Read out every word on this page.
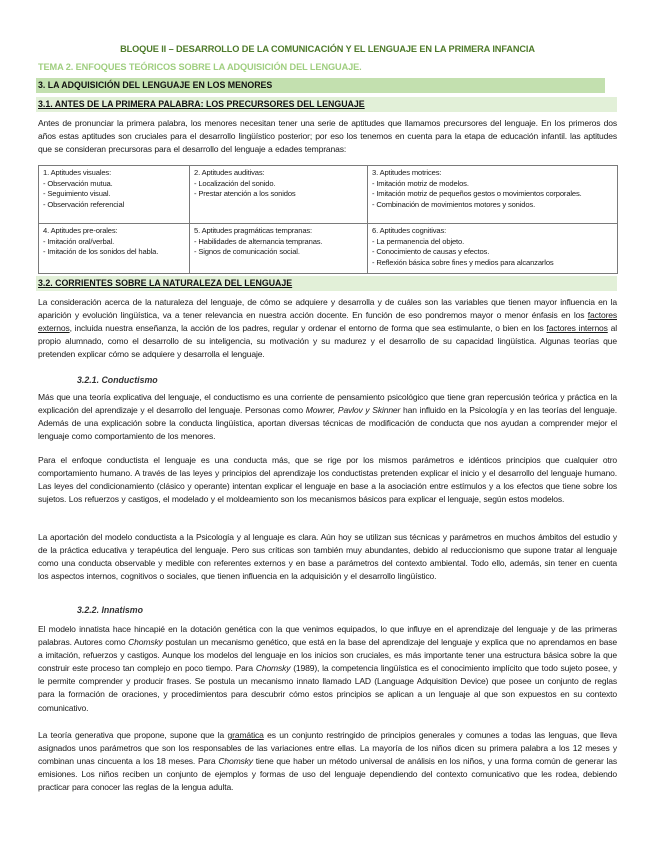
BLOQUE II – DESARROLLO DE LA COMUNICACIÓN Y EL LENGUAJE EN LA PRIMERA INFANCIA
TEMA 2. ENFOQUES TEÓRICOS SOBRE LA ADQUISICIÓN DEL LENGUAJE.
3. LA ADQUISICIÓN DEL LENGUAJE EN LOS MENORES
3.1. ANTES DE LA PRIMERA PALABRA: LOS PRECURSORES DEL LENGUAJE

Antes de pronunciar la primera palabra, los menores necesitan tener una serie de aptitudes que llamamos precursores del lenguaje. En los primeros dos años estas aptitudes son cruciales para el desarrollo lingüístico posterior; por eso los tenemos en cuenta para la etapa de educación infantil. las aptitudes que se consideran precursoras para el desarrollo del lenguaje a edades tempranas:

1. Aptitudes visuales:
- Observación mutua.
- Seguimiento visual.
- Observación referencial	2. Aptitudes auditivas:
- Localización del sonido.
- Prestar atención a los sonidos	3. Aptitudes motrices:
- Imitación motriz de modelos.
- Imitación motriz de pequeños gestos o movimientos corporales.
- Combinación de movimientos motores y sonidos.

4. Aptitudes pre-orales:
- Imitación oral/verbal.
- Imitación de los sonidos del habla.	5. Aptitudes pragmáticas tempranas:
- Habilidades de alternancia tempranas.
- Signos de comunicación social.	6. Aptitudes cognitivas:
- La permanencia del objeto.
- Conocimiento de causas y efectos.
- Reflexión básica sobre fines y medios para alcanzarlos
3.2. CORRIENTES SOBRE LA NATURALEZA DEL LENGUAJE

La consideración acerca de la naturaleza del lenguaje, de cómo se adquiere y desarrolla y de cuáles son las variables que tienen mayor influencia en la aparición y evolución lingüística, va a tener relevancia en nuestra acción docente. En función de eso pondremos mayor o menor énfasis en los factores externos, incluida nuestra enseñanza, la acción de los padres, regular y ordenar el entorno de forma que sea estimulante, o bien en los factores internos al propio alumnado, como el desarrollo de su inteligencia, su motivación y su madurez y el desarrollo de su capacidad lingüística. Algunas teorías que pretenden explicar cómo se adquiere y desarrolla el lenguaje.

3.2.1. Conductismo

Más que una teoría explicativa del lenguaje, el conductismo es una corriente de pensamiento psicológico que tiene gran repercusión teórica y práctica en la explicación del aprendizaje y el desarrollo del lenguaje. Personas como Mowrer, Pavlov y Skinner han influido en la Psicología y en las teorías del lenguaje. Además de una explicación sobre la conducta lingüística, aportan diversas técnicas de modificación de conducta que nos ayudan a comprender mejor el lenguaje como comportamiento de los menores.

Para el enfoque conductista el lenguaje es una conducta más, que se rige por los mismos parámetros e idénticos principios que cualquier otro comportamiento humano. A través de las leyes y principios del aprendizaje los conductistas pretenden explicar el inicio y el desarrollo del lenguaje humano. Las leyes del condicionamiento (clásico y operante) intentan explicar el lenguaje en base a la asociación entre estímulos y a los efectos que tiene sobre los sujetos. Los refuerzos y castigos, el modelado y el moldeamiento son los mecanismos básicos para explicar el lenguaje, según estos modelos.

La aportación del modelo conductista a la Psicología y al lenguaje es clara. Aún hoy se utilizan sus técnicas y parámetros en muchos ámbitos del estudio y de la práctica educativa y terapéutica del lenguaje. Pero sus críticas son también muy abundantes, debido al reduccionismo que supone tratar al lenguaje como una conducta observable y medible con referentes externos y en base a parámetros del contexto ambiental. Todo ello, además, sin tener en cuenta los aspectos internos, cognitivos o sociales, que tienen influencia en la adquisición y el desarrollo lingüístico.

3.2.2. Innatismo

El modelo innatista hace hincapié en la dotación genética con la que venimos equipados, lo que influye en el aprendizaje del lenguaje y de las primeras palabras. Autores como Chomsky postulan un mecanismo genético, que está en la base del aprendizaje del lenguaje y explica que no aprendamos en base a imitación, refuerzos y castigos. Aunque los modelos del lenguaje en los inicios son cruciales, es más importante tener una estructura básica sobre la que construir este proceso tan complejo en poco tiempo. Para Chomsky (1989), la competencia lingüística es el conocimiento implícito que todo sujeto posee, y le permite comprender y producir frases. Se postula un mecanismo innato llamado LAD (Language Adquisition Device) que posee un conjunto de reglas para la formación de oraciones, y procedimientos para descubrir cómo estos principios se aplican a un lenguaje al que son expuestos en su contexto comunicativo.

La teoría generativa que propone, supone que la gramática es un conjunto restringido de principios generales y comunes a todas las lenguas, que lleva asignados unos parámetros que son los responsables de las variaciones entre ellas. La mayoría de los niños dicen su primera palabra a los 12 meses y combinan unas cincuenta a los 18 meses. Para Chomsky tiene que haber un método universal de análisis en los niños, y una forma común de generar las emisiones. Los niños reciben un conjunto de ejemplos y formas de uso del lenguaje dependiendo del contexto comunicativo que les rodea, debiendo practicar para conocer las reglas de la lengua adulta.
